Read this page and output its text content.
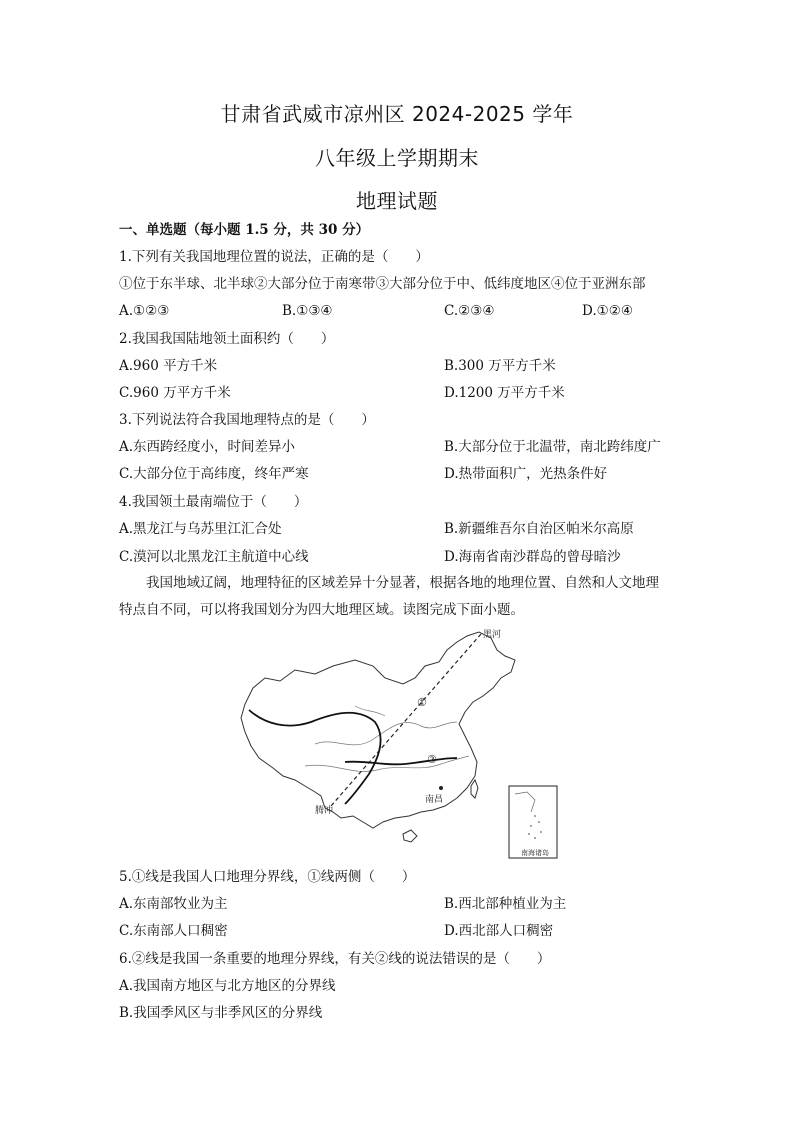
甘肃省武威市凉州区 2024-2025 学年
八年级上学期期末
地理试题
一、单选题（每小题 1.5 分，共 30 分）
1.下列有关我国地理位置的说法，正确的是（　　）
①位于东半球、北半球②大部分位于南寒带③大部分位于中、低纬度地区④位于亚洲东部
A.①②③	B.①③④	C.②③④	D.①②④
2.我国我国陆地领土面积约（　　）
A.960 平方千米	B.300 万平方千米
C.960 万平方千米	D.1200 万平方千米
3.下列说法符合我国地理特点的是（　　）
A.东西跨经度小，时间差异小	B.大部分位于北温带，南北跨纬度广
C.大部分位于高纬度，终年严寒	D.热带面积广，光热条件好
4.我国领土最南端位于（　　）
A.黑龙江与乌苏里江汇合处	B.新疆维吾尔自治区帕米尔高原
C.漠河以北黑龙江主航道中心线	D.海南省南沙群岛的曾母暗沙
我国地域辽阔，地理特征的区域差异十分显著，根据各地的地理位置、自然和人文地理特点自不同，可以将我国划分为四大地理区域。读图完成下面小题。
黑河
①
②
腾冲
南昌
南海诸岛
5.①线是我国人口地理分界线，①线两侧（　　）
A.东南部牧业为主	B.西北部种植业为主
C.东南部人口稠密	D.西北部人口稠密
6.②线是我国一条重要的地理分界线，有关②线的说法错误的是（　　）
A.我国南方地区与北方地区的分界线
B.我国季风区与非季风区的分界线
